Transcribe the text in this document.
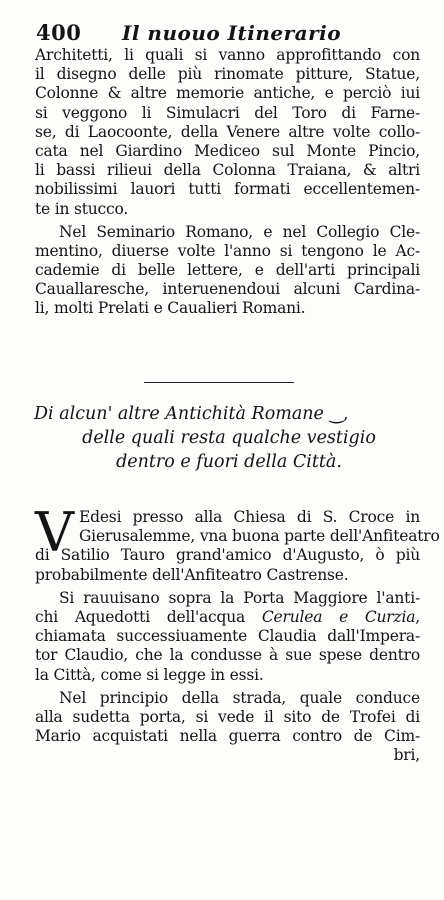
400 Il nuouo Itinerario
Architetti, li quali si vanno approfittando con
il disegno delle più rinomate pitture, Statue,
Colonne & altre memorie antiche, e perciò iui
si veggono li Simulacri del Toro di Farne-
se, di Laocoonte, della Venere altre volte collo-
cata nel Giardino Mediceo sul Monte Pincio,
li bassi rilieui della Colonna Traiana, & altri
nobilissimi lauori tutti formati eccellentemen-
te in stucco.
Nel Seminario Romano, e nel Collegio Cle-
mentino, diuerse volte l'anno si tengono le Ac-
cademie di belle lettere, e dell'arti principali
Cauallaresche, interuenendoui alcuni Cardina-
li, molti Prelati e Caualieri Romani.
Di alcun' altre Antichità Romane ‿,
delle quali resta qualche vestigio
dentro e fuori della Città.
V Edesi presso alla Chiesa di S. Croce in
Gierusalemme, vna buona parte dell'Anfiteatro
di Satilio Tauro grand'amico d'Augusto, ò più
probabilmente dell'Anfiteatro Castrense.
Si rauuisano sopra la Porta Maggiore l'anti-
chi Aquedotti dell'acqua Cerulea e Curzia,
chiamata successiuamente Claudia dall'Impera-
tor Claudio, che la condusse à sue spese dentro
la Città, come si legge in essi.
Nel principio della strada, quale conduce
alla sudetta porta, si vede il sito de Trofei di
Mario acquistati nella guerra contro de Cim-
bri,
